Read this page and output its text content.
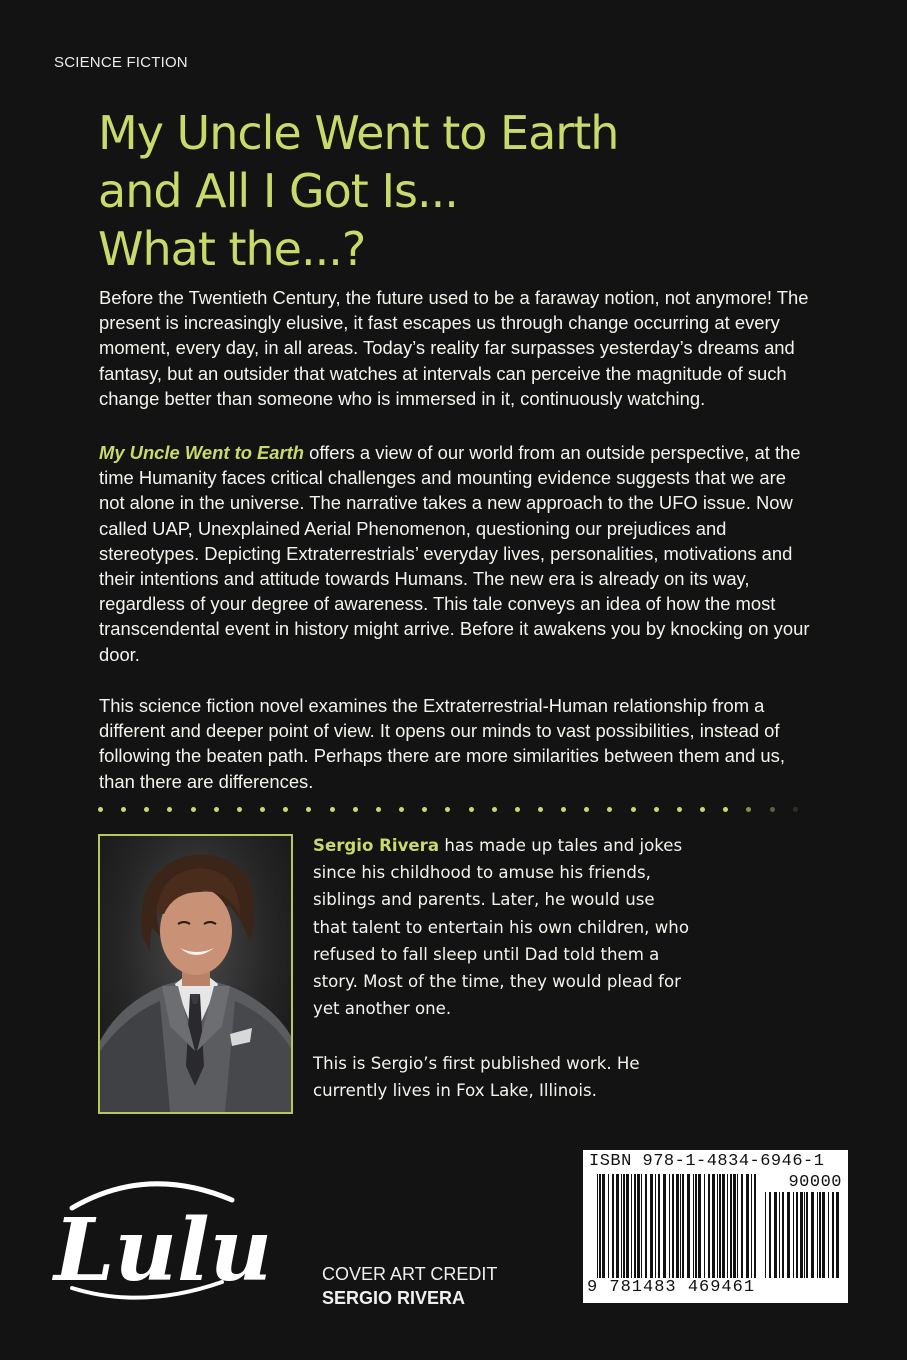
SCIENCE FICTION
My Uncle Went to Earth
and All I Got Is...
What the...?

Before the Twentieth Century, the future used to be a faraway notion, not anymore! The present is increasingly elusive, it fast escapes us through change occurring at every moment, every day, in all areas. Today’s reality far surpasses yesterday’s dreams and fantasy, but an outsider that watches at intervals can perceive the magnitude of such change better than someone who is immersed in it, continuously watching.

My Uncle Went to Earth offers a view of our world from an outside perspective, at the time Humanity faces critical challenges and mounting evidence suggests that we are not alone in the universe. The narrative takes a new approach to the UFO issue. Now called UAP, Unexplained Aerial Phenomenon, questioning our prejudices and stereotypes. Depicting Extraterrestrials’ everyday lives, personalities, motivations and their intentions and attitude towards Humans. The new era is already on its way, regardless of your degree of awareness. This tale conveys an idea of how the most transcendental event in history might arrive. Before it awakens you by knocking on your door.

This science fiction novel examines the Extraterrestrial-Human relationship from a different and deeper point of view. It opens our minds to vast possibilities, instead of following the beaten path. Perhaps there are more similarities between them and us, than there are differences.

Sergio Rivera has made up tales and jokes since his childhood to amuse his friends, siblings and parents. Later, he would use that talent to entertain his own children, who refused to fall sleep until Dad told them a story. Most of the time, they would plead for yet another one.

This is Sergio’s first published work. He currently lives in Fox Lake, Illinois.

Lulu	COVER ART CREDIT
SERGIO RIVERA
ISBN 978-1-4834-6946-1
90000
9 781483 469461
